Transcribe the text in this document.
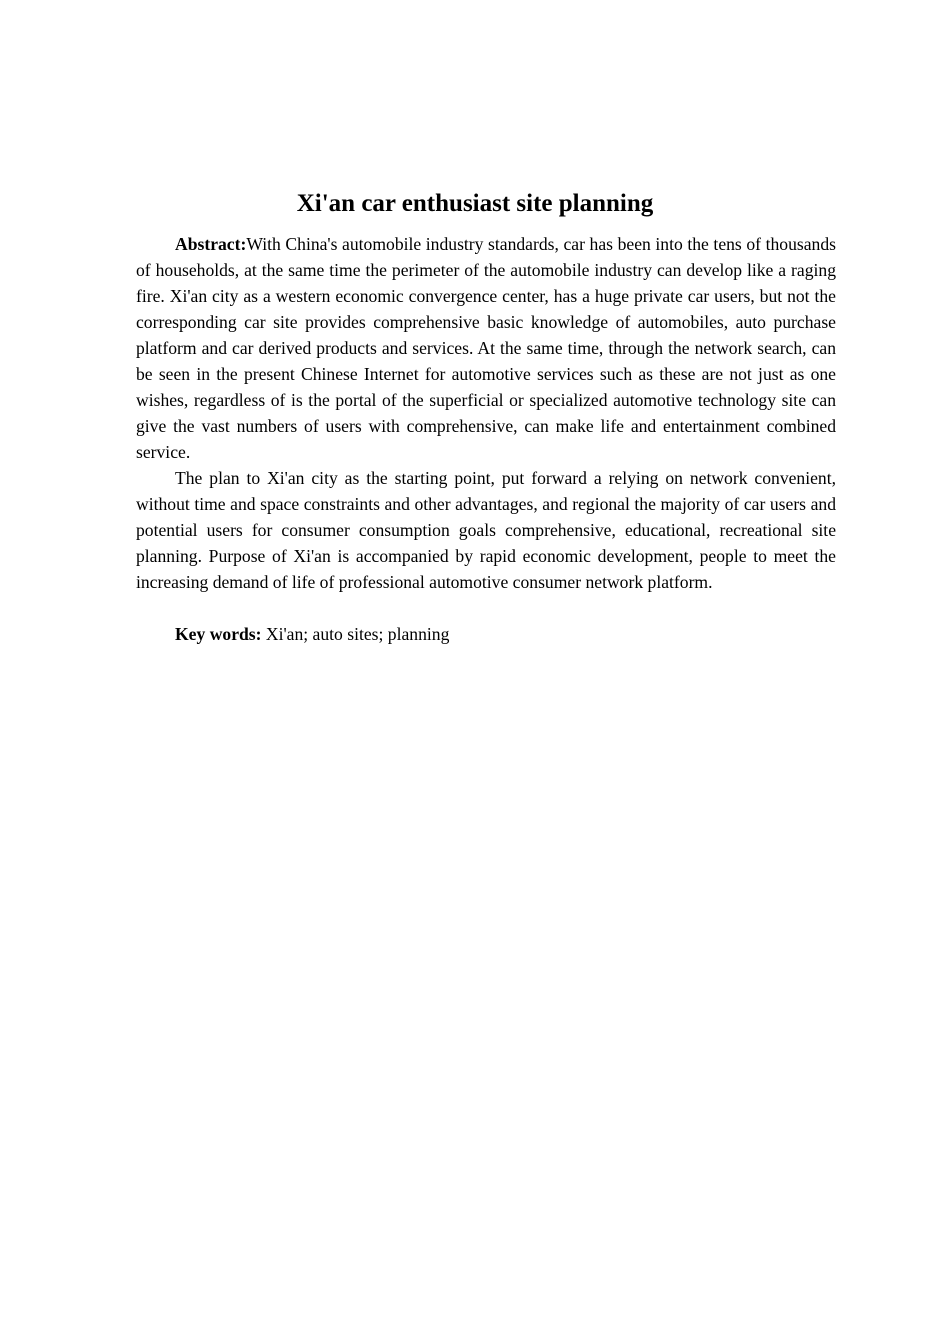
Xi'an car enthusiast site planning

Abstract:With China's automobile industry standards, car has been into the tens of thousands of households, at the same time the perimeter of the automobile industry can develop like a raging fire. Xi'an city as a western economic convergence center, has a huge private car users, but not the corresponding car site provides comprehensive basic knowledge of automobiles, auto purchase platform and car derived products and services. At the same time, through the network search, can be seen in the present Chinese Internet for automotive services such as these are not just as one wishes, regardless of is the portal of the superficial or specialized automotive technology site can give the vast numbers of users with comprehensive, can make life and entertainment combined service.

The plan to Xi'an city as the starting point, put forward a relying on network convenient, without time and space constraints and other advantages, and regional the majority of car users and potential users for consumer consumption goals comprehensive, educational, recreational site planning. Purpose of Xi'an is accompanied by rapid economic development, people to meet the increasing demand of life of professional automotive consumer network platform.

Key words: Xi'an; auto sites; planning
